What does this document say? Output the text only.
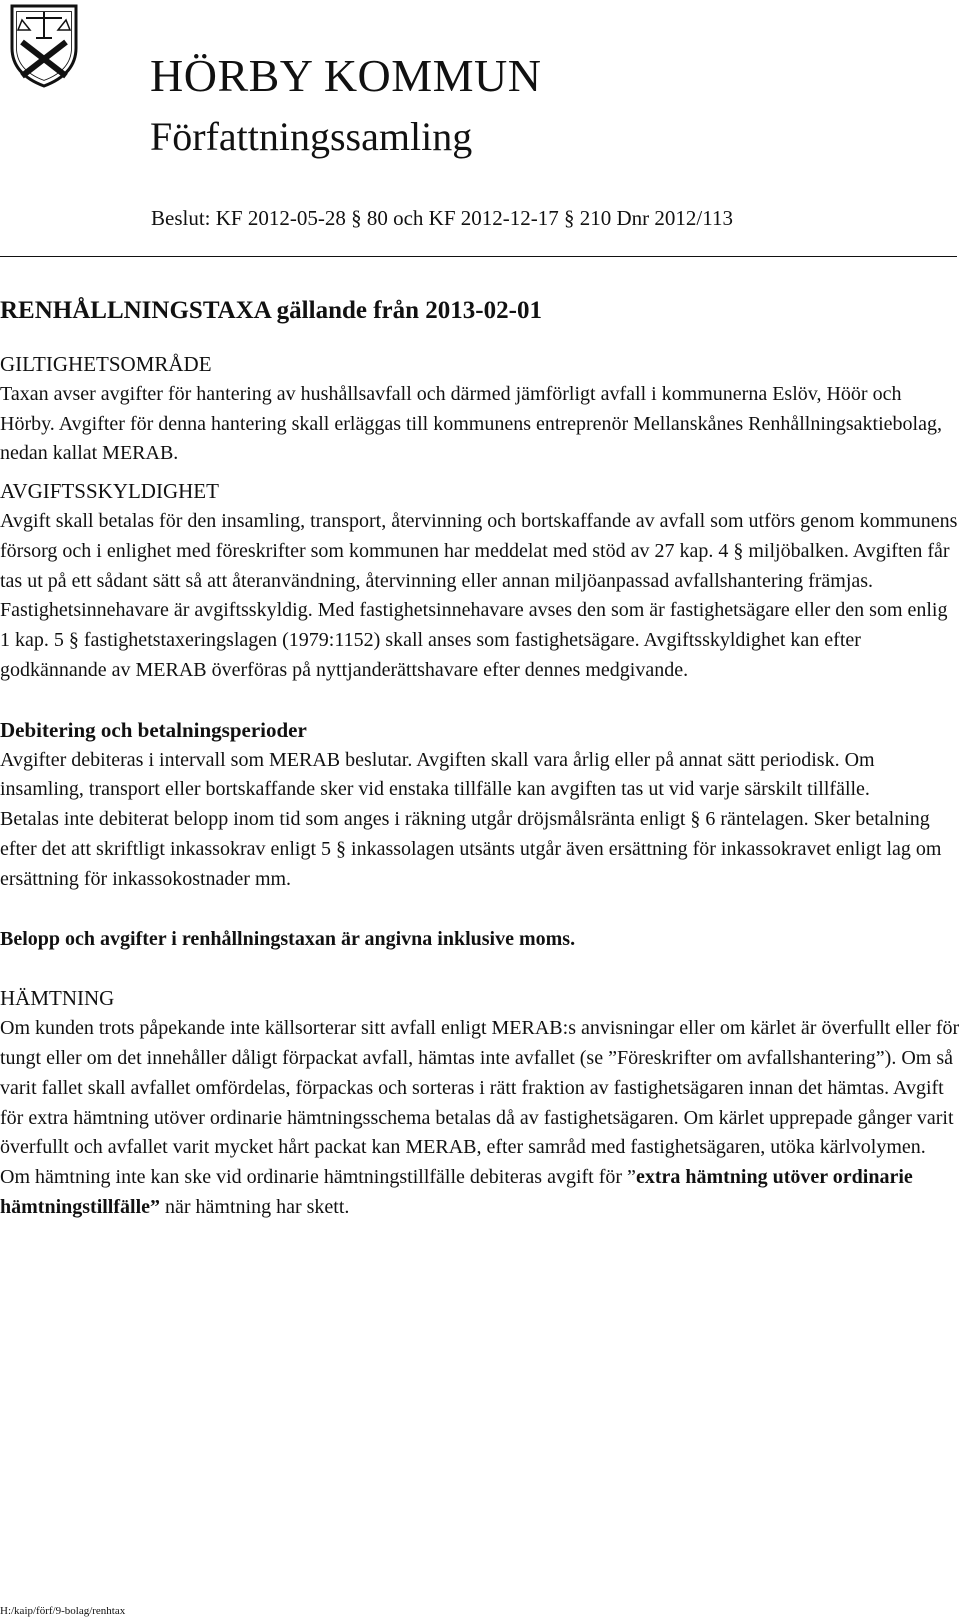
HÖRBY KOMMUN
Författningssamling
Beslut: KF 2012-05-28 § 80 och KF 2012-12-17 § 210 Dnr 2012/113

RENHÅLLNINGSTAXA gällande från 2013-02-01

GILTIGHETSOMRÅDE

Taxan avser avgifter för hantering av hushållsavfall och därmed jämförligt avfall i kommunerna Eslöv, Höör och Hörby. Avgifter för denna hantering skall erläggas till kommunens entreprenör Mellanskånes Renhållningsaktiebolag, nedan kallat MERAB.

AVGIFTSSKYLDIGHET

Avgift skall betalas för den insamling, transport, återvinning och bortskaffande av avfall som utförs genom kommunens försorg och i enlighet med föreskrifter som kommunen har meddelat med stöd av 27 kap. 4 § miljöbalken. Avgiften får tas ut på ett sådant sätt så att återanvändning, återvinning eller annan miljöanpassad avfallshantering främjas. Fastighetsinnehavare är avgiftsskyldig. Med fastighetsinnehavare avses den som är fastighetsägare eller den som enlig 1 kap. 5 § fastighetstaxeringslagen (1979:1152) skall anses som fastighetsägare. Avgiftsskyldighet kan efter godkännande av MERAB överföras på nyttjanderättshavare efter dennes medgivande.

Debitering och betalningsperioder

Avgifter debiteras i intervall som MERAB beslutar. Avgiften skall vara årlig eller på annat sätt periodisk. Om insamling, transport eller bortskaffande sker vid enstaka tillfälle kan avgiften tas ut vid varje särskilt tillfälle.

Betalas inte debiterat belopp inom tid som anges i räkning utgår dröjsmålsränta enligt § 6 räntelagen. Sker betalning efter det att skriftligt inkassokrav enligt 5 § inkassolagen utsänts utgår även ersättning för inkassokravet enligt lag om ersättning för inkassokostnader mm.

Belopp och avgifter i renhållningstaxan är angivna inklusive moms.

HÄMTNING

Om kunden trots påpekande inte källsorterar sitt avfall enligt MERAB:s anvisningar eller om kärlet är överfullt eller för tungt eller om det innehåller dåligt förpackat avfall, hämtas inte avfallet (se ”Föreskrifter om avfallshantering”). Om så varit fallet skall avfallet omfördelas, förpackas och sorteras i rätt fraktion av fastighetsägaren innan det hämtas. Avgift för extra hämtning utöver ordinarie hämtningsschema betalas då av fastighetsägaren. Om kärlet upprepade gånger varit överfullt och avfallet varit mycket hårt packat kan MERAB, efter samråd med fastighetsägaren, utöka kärlvolymen.

Om hämtning inte kan ske vid ordinarie hämtningstillfälle debiteras avgift för ”extra hämtning utöver ordinarie hämtningstillfälle” när hämtning har skett.

H:/kaip/förf/9-bolag/renhtax
